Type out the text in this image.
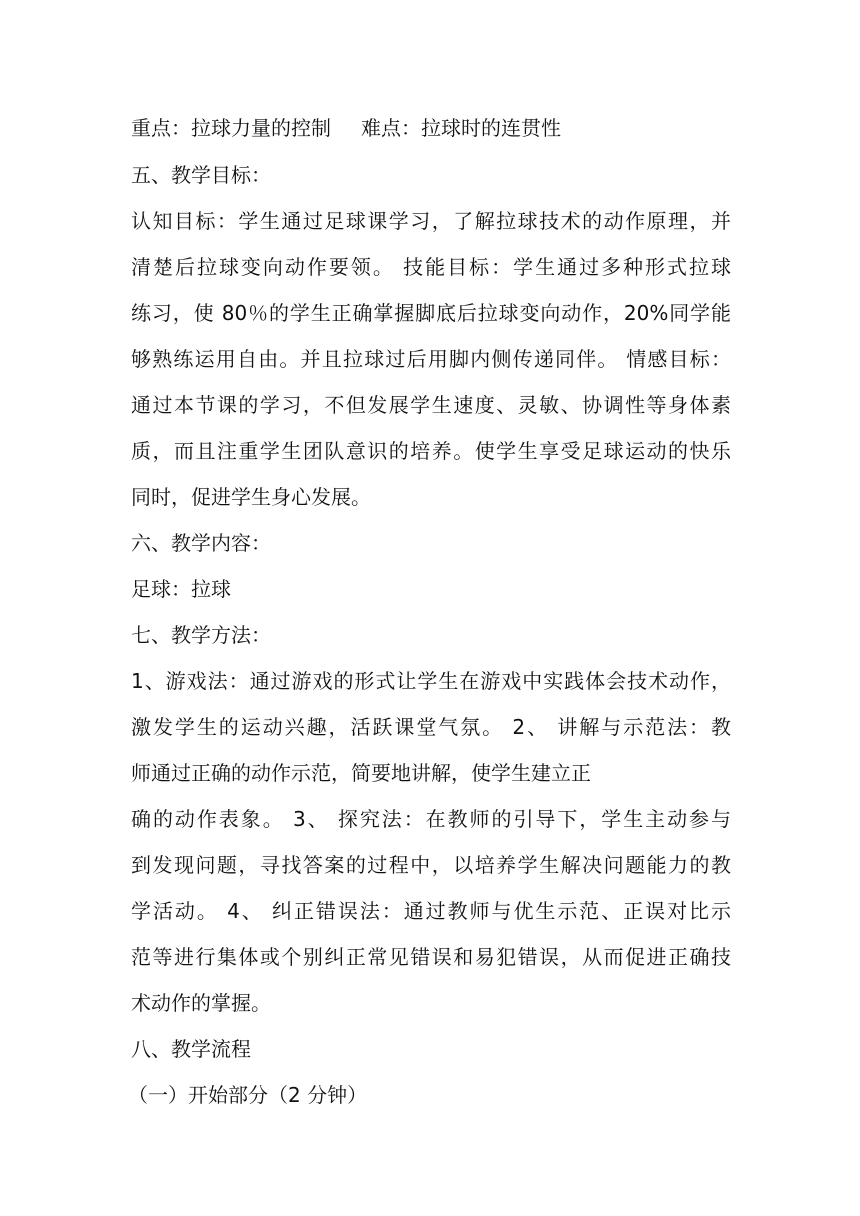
重点：拉球力量的控制 难点：拉球时的连贯性
五、教学目标：
认知目标：学生通过足球课学习，了解拉球技术的动作原理，并
清楚后拉球变向动作要领。 技能目标：学生通过多种形式拉球
练习，使 80％的学生正确掌握脚底后拉球变向动作，20%同学能
够熟练运用自由。并且拉球过后用脚内侧传递同伴。 情感目标：
通过本节课的学习，不但发展学生速度、灵敏、协调性等身体素
质，而且注重学生团队意识的培养。使学生享受足球运动的快乐
同时，促进学生身心发展。
六、教学内容：
足球：拉球
七、教学方法：
1、游戏法：通过游戏的形式让学生在游戏中实践体会技术动作，
激发学生的运动兴趣，活跃课堂气氛。 2、 讲解与示范法：教
师通过正确的动作示范，简要地讲解，使学生建立正
确的动作表象。 3、 探究法：在教师的引导下，学生主动参与
到发现问题，寻找答案的过程中，以培养学生解决问题能力的教
学活动。 4、 纠正错误法：通过教师与优生示范、正误对比示
范等进行集体或个别纠正常见错误和易犯错误，从而促进正确技
术动作的掌握。
八、教学流程
（一）开始部分（2 分钟）
